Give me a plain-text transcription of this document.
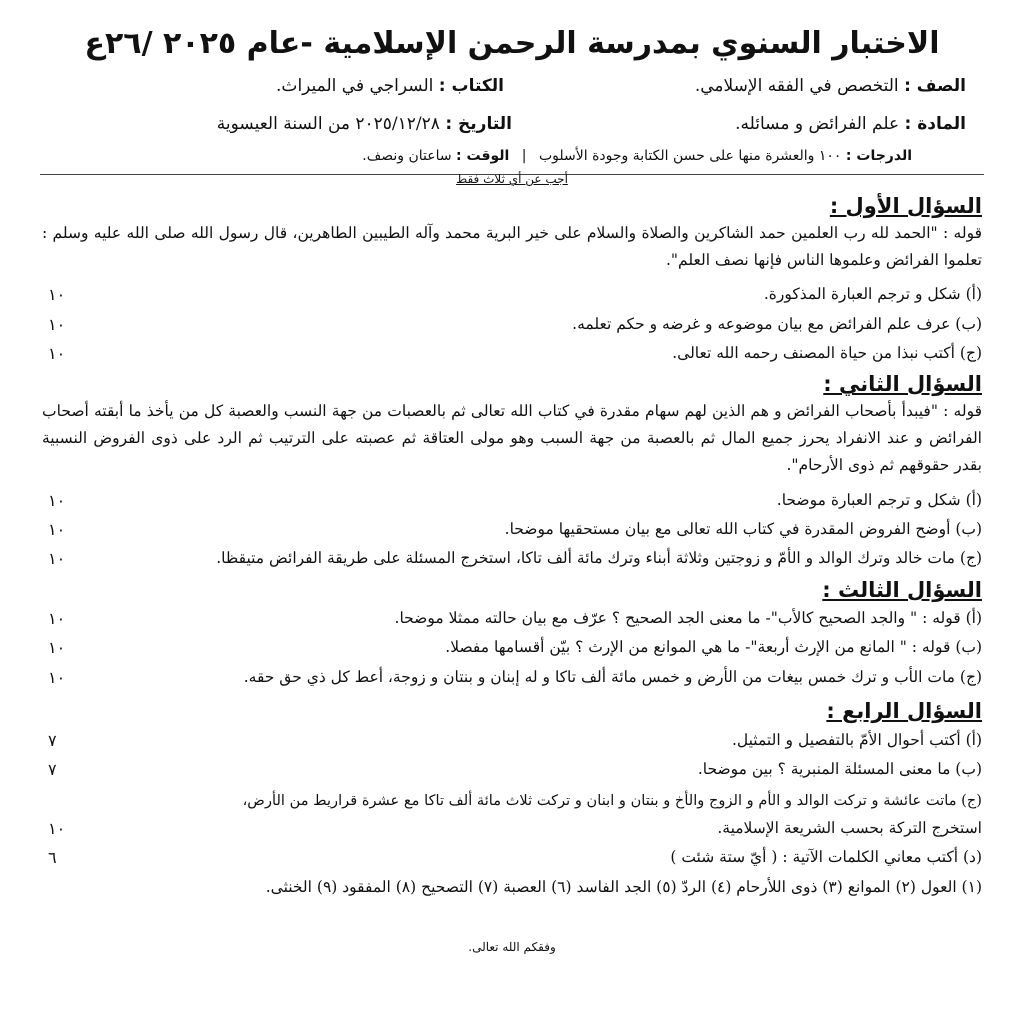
الاختبار السنوي بمدرسة الرحمن الإسلامية -عام ٢٠٢٥ /٢٦ع
الصف : التخصص في الفقه الإسلامي.
الكتاب : السراجي في الميراث.
المادة : علم الفرائض و مسائله.
التاريخ : ٢٠٢٥/١٢/٢٨ من السنة العيسوية
الدرجات : ١٠٠ والعشرة منها على حسن الكتابة وجودة الأسلوب | الوقت : ساعتان ونصف.
أجب عن أي ثلاث فقط
السؤال الأول :
قوله : "الحمد لله رب العلمين حمد الشاكرين والصلاة والسلام على خير البرية محمد وآله الطيبين الطاهرين، قال رسول الله صلى الله عليه وسلم : تعلموا الفرائض وعلموها الناس فإنها نصف العلم".
(أ) شكل و ترجم العبارة المذكورة.
١٠
(ب) عرف علم الفرائض مع بيان موضوعه و غرضه و حكم تعلمه.
١٠
(ج) أكتب نبذا من حياة المصنف رحمه الله تعالى.
١٠
السؤال الثاني :
قوله : "فيبدأ بأصحاب الفرائض و هم الذين لهم سهام مقدرة في كتاب الله تعالى ثم بالعصبات من جهة النسب والعصبة كل من يأخذ ما أبقته أصحاب الفرائض و عند الانفراد يحرز جميع المال ثم بالعصبة من جهة السبب وهو مولى العتاقة ثم عصبته على الترتيب ثم الرد على ذوى الفروض النسبية بقدر حقوقهم ثم ذوى الأرحام".
(أ) شكل و ترجم العبارة موضحا.
١٠
(ب) أوضح الفروض المقدرة في كتاب الله تعالى مع بيان مستحقيها موضحا.
١٠
(ج) مات خالد وترك الوالد و الأمّ و زوجتين وثلاثة أبناء وترك مائة ألف تاكا، استخرج المسئلة على طريقة الفرائض متيقظا.
١٠
السؤال الثالث :
(أ) قوله : " والجد الصحيح كالأب"- ما معنى الجد الصحيح ؟ عرّف مع بيان حالته ممثلا موضحا.
١٠
(ب) قوله : " المانع من الإرث أربعة"- ما هي الموانع من الإرث ؟ بيّن أقسامها مفصلا.
١٠
(ج) مات الأب و ترك خمس بيغات من الأرض و خمس مائة ألف تاكا و له إبنان و بنتان و زوجة، أعط كل ذي حق حقه.
١٠
السؤال الرابع :
(أ) أكتب أحوال الأمّ بالتفصيل و التمثيل.
٧
(ب) ما معنى المسئلة المنبرية ؟ بين موضحا.
٧
(ج) ماتت عائشة و تركت الوالد و الأم و الزوج والأخ و بنتان و ابنان و تركت ثلاث مائة ألف تاكا مع عشرة قراريط من الأرض،
استخرج التركة بحسب الشريعة الإسلامية.
١٠
(د) أكتب معاني الكلمات الآتية : ( أيّ ستة شئت )
٦
(١) العول (٢) الموانع (٣) ذوى اللأرحام (٤) الردّ (٥) الجد الفاسد (٦) العصبة (٧) التصحيح (٨) المفقود (٩) الخنثى.
وفقكم الله تعالى.
